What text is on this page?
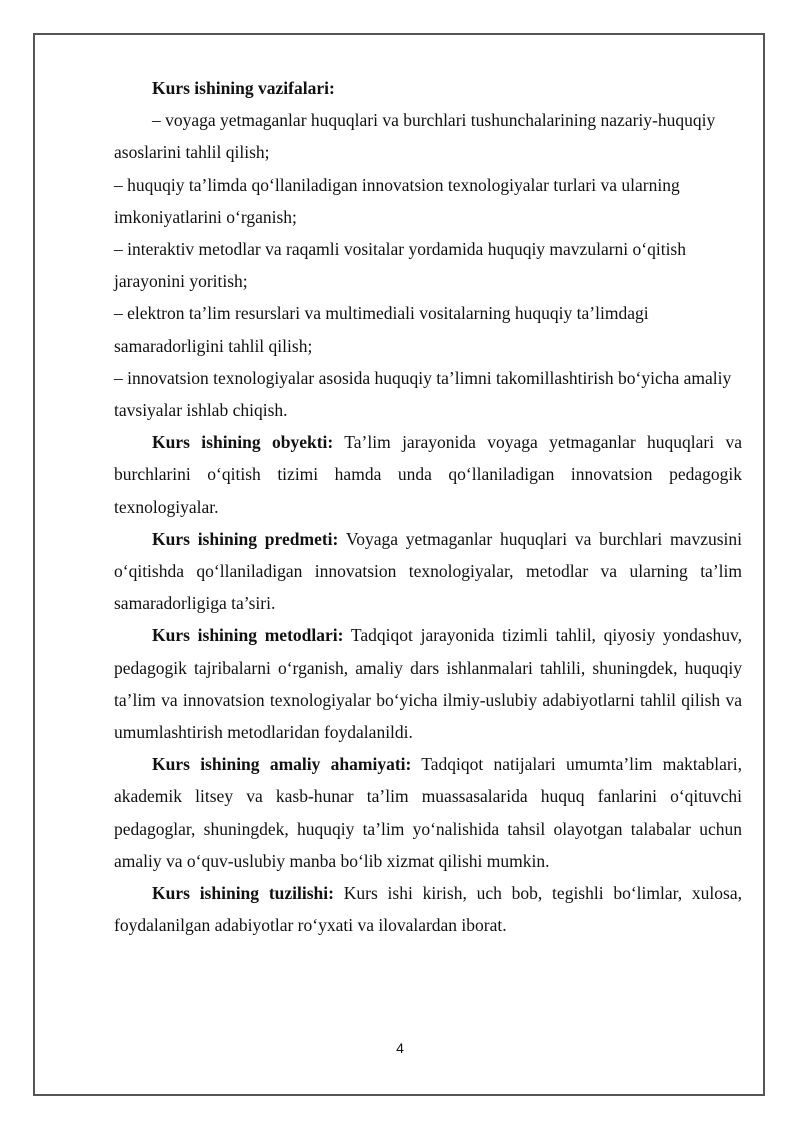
Kurs ishining vazifalari:

– voyaga yetmaganlar huquqlari va burchlari tushunchalarining nazariy-huquqiy asoslarini tahlil qilish;

– huquqiy ta’limda qo‘llaniladigan innovatsion texnologiyalar turlari va ularning imkoniyatlarini o‘rganish;

– interaktiv metodlar va raqamli vositalar yordamida huquqiy mavzularni o‘qitish jarayonini yoritish;

– elektron ta’lim resurslari va multimediali vositalarning huquqiy ta’limdagi samaradorligini tahlil qilish;

– innovatsion texnologiyalar asosida huquqiy ta’limni takomillashtirish bo‘yicha amaliy tavsiyalar ishlab chiqish.

Kurs ishining obyekti: Ta’lim jarayonida voyaga yetmaganlar huquqlari va burchlarini o‘qitish tizimi hamda unda qo‘llaniladigan innovatsion pedagogik texnologiyalar.

Kurs ishining predmeti: Voyaga yetmaganlar huquqlari va burchlari mavzusini o‘qitishda qo‘llaniladigan innovatsion texnologiyalar, metodlar va ularning ta’lim samaradorligiga ta’siri.

Kurs ishining metodlari: Tadqiqot jarayonida tizimli tahlil, qiyosiy yondashuv, pedagogik tajribalarni o‘rganish, amaliy dars ishlanmalari tahlili, shuningdek, huquqiy ta’lim va innovatsion texnologiyalar bo‘yicha ilmiy-uslubiy adabiyotlarni tahlil qilish va umumlashtirish metodlaridan foydalanildi.

Kurs ishining amaliy ahamiyati: Tadqiqot natijalari umumta’lim maktablari, akademik litsey va kasb-hunar ta’lim muassasalarida huquq fanlarini o‘qituvchi pedagoglar, shuningdek, huquqiy ta’lim yo‘nalishida tahsil olayotgan talabalar uchun amaliy va o‘quv-uslubiy manba bo‘lib xizmat qilishi mumkin.

Kurs ishining tuzilishi: Kurs ishi kirish, uch bob, tegishli bo‘limlar, xulosa, foydalanilgan adabiyotlar ro‘yxati va ilovalardan iborat.

4
